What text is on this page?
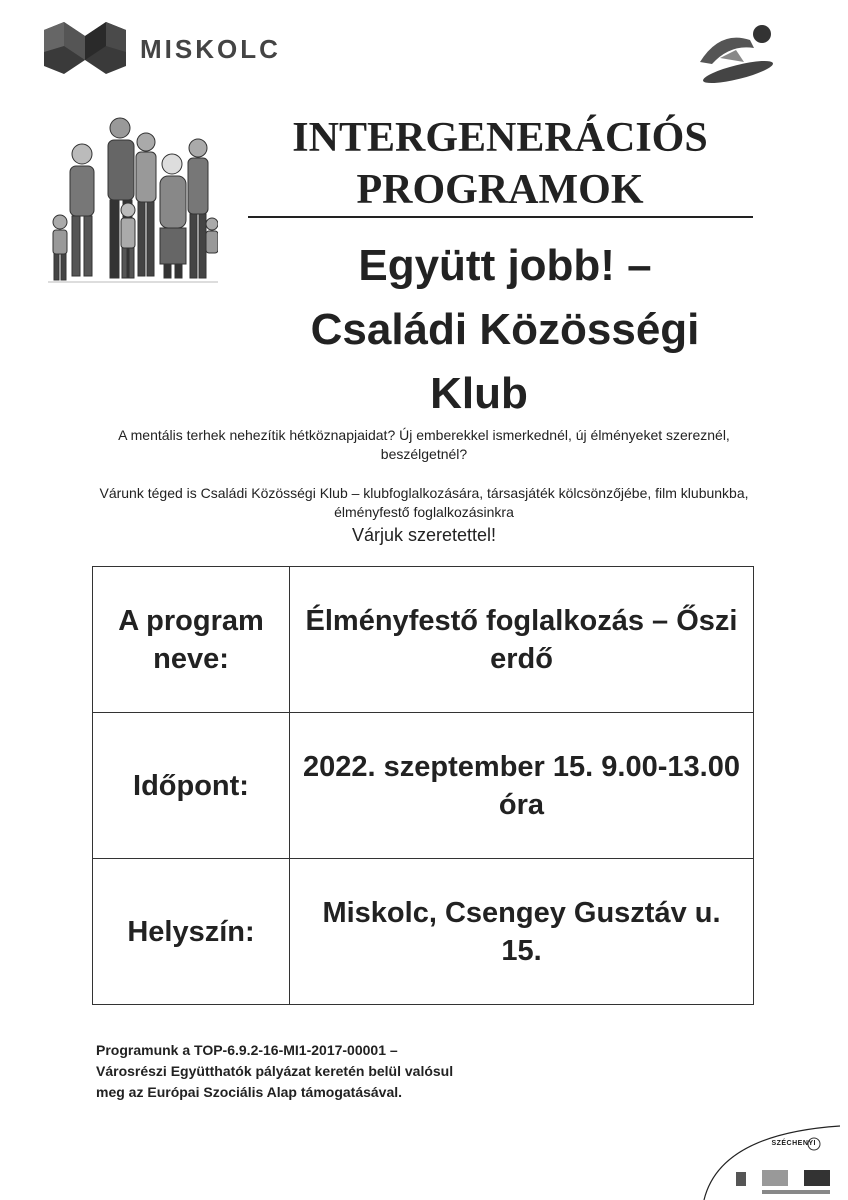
MISKOLC
INTERGENERÁCIÓS
PROGRAMOK
Együtt jobb! –
Családi Közösségi
Klub
A mentális terhek nehezítik hétköznapjaidat? Új emberekkel ismerkednél, új élményeket szereznél,
beszélgetnél?
Várunk téged is Családi Közösségi Klub – klubfoglalkozására, társasjáték kölcsönzőjébe, film klubunkba,
élményfestő foglalkozásinkra
Várjuk szeretettel!
A program neve:	Élményfestő foglalkozás – Őszi erdő
Időpont:	2022. szeptember 15. 9.00-13.00 óra
Helyszín:	Miskolc, Csengey Gusztáv u. 15.
Programunk a TOP-6.9.2-16-MI1-2017-00001 –
Városrészi Együtthatók pályázat keretén belül valósul
meg az Európai Szociális Alap támogatásával.
SZÉCHENYI
